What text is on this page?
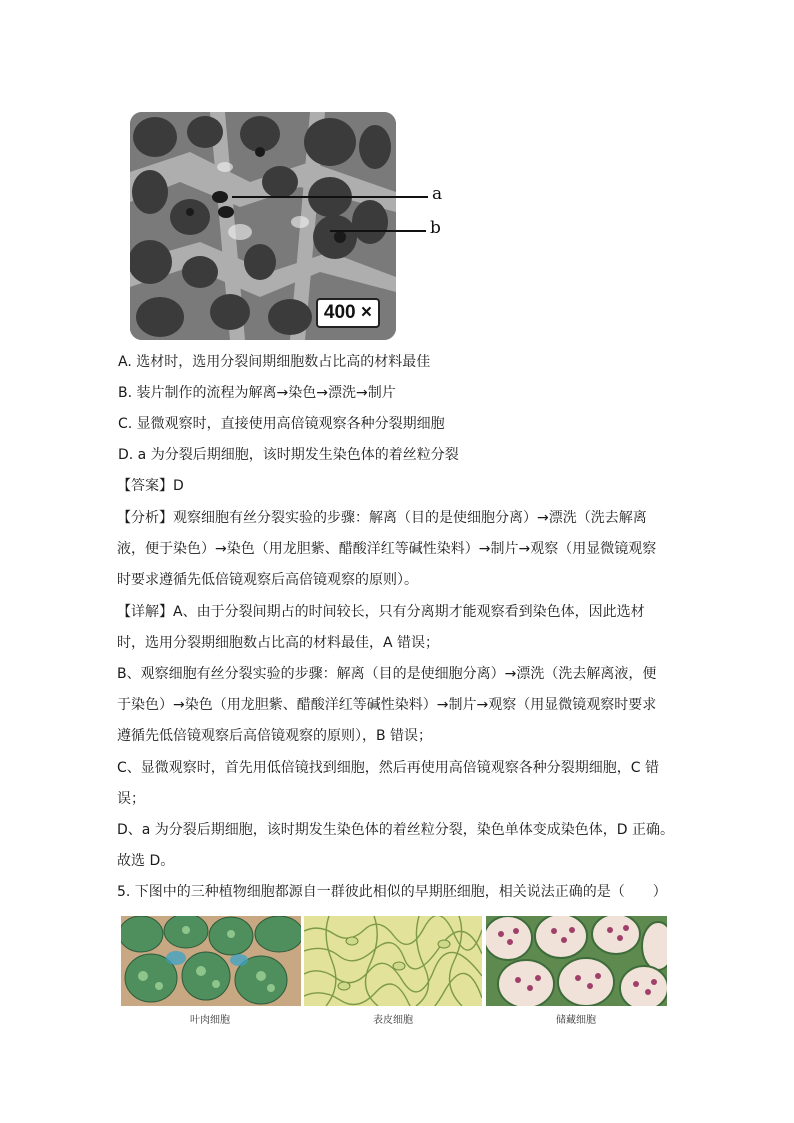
400 ×
a
b
A. 选材时，选用分裂间期细胞数占比高的材料最佳
B. 装片制作的流程为解离→染色→漂洗→制片
C. 显微观察时，直接使用高倍镜观察各种分裂期细胞
D. a 为分裂后期细胞，该时期发生染色体的着丝粒分裂
【答案】D
【分析】观察细胞有丝分裂实验的步骤：解离（目的是使细胞分离）→漂洗（洗去解离
液，便于染色）→染色（用龙胆紫、醋酸洋红等碱性染料）→制片→观察（用显微镜观察
时要求遵循先低倍镜观察后高倍镜观察的原则）。
【详解】A、由于分裂间期占的时间较长，只有分离期才能观察看到染色体，因此选材
时，选用分裂期细胞数占比高的材料最佳，A 错误；
B、观察细胞有丝分裂实验的步骤：解离（目的是使细胞分离）→漂洗（洗去解离液，便
于染色）→染色（用龙胆紫、醋酸洋红等碱性染料）→制片→观察（用显微镜观察时要求
遵循先低倍镜观察后高倍镜观察的原则），B 错误；
C、显微观察时，首先用低倍镜找到细胞，然后再使用高倍镜观察各种分裂期细胞，C 错
误；
D、a 为分裂后期细胞，该时期发生染色体的着丝粒分裂，染色单体变成染色体，D 正确。
故选 D。
5. 下图中的三种植物细胞都源自一群彼此相似的早期胚细胞，相关说法正确的是（　　）
叶肉细胞	表皮细胞	储藏细胞
